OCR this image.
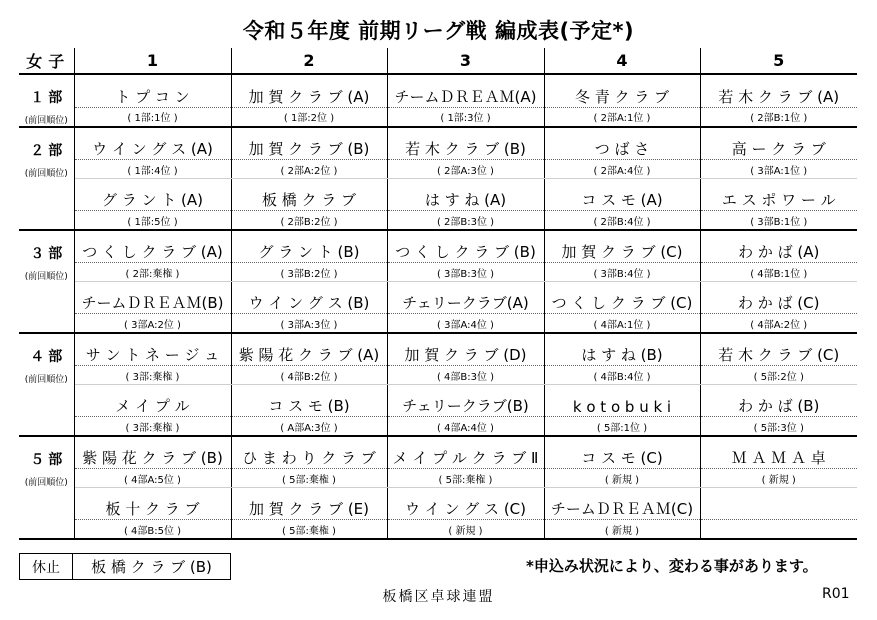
令和５年度 前期リーグ戦 編成表(予定*)
女子	1	2	3	4	5

１部
(前回順位)	ト プ コ ン	加 賀 ク ラ ブ (A)	チームＤＲＥＡＭ(A)	冬 青 ク ラ ブ	若 木 ク ラ ブ (A)
	( 1部:1位 )	( 1部:2位 )	( 1部:3位 )	( 2部A:1位 )	( 2部B:1位 )

２部
(前回順位)	ウ イ ン グ ス (A)	加 賀 ク ラ ブ (B)	若 木 ク ラ ブ (B)	つ ば さ	高 ー ク ラ ブ
	( 1部:4位 )	( 2部A:2位 )	( 2部A:3位 )	( 2部A:4位 )	( 3部A:1位 )
	グ ラ ン ト (A)	板 橋 ク ラ ブ	は す ね (A)	コ ス モ (A)	エ ス ポ ワ ー ル
	( 1部:5位 )	( 2部B:2位 )	( 2部B:3位 )	( 2部B:4位 )	( 3部B:1位 )

３部
(前回順位)	つ く し ク ラ ブ (A)	グ ラ ン ト (B)	つ く し ク ラ ブ (B)	加 賀 ク ラ ブ (C)	わ か ば (A)
	( 2部:棄権 )	( 3部B:2位 )	( 3部B:3位 )	( 3部B:4位 )	( 4部B:1位 )
	チームＤＲＥＡＭ(B)	ウ イ ン グ ス (B)	チェリークラブ(A)	つ く し ク ラ ブ (C)	わ か ば (C)
	( 3部A:2位 )	( 3部A:3位 )	( 3部A:4位 )	( 4部A:1位 )	( 4部A:2位 )

４部
(前回順位)	サ ン ト ネ ー ジ ュ	紫 陽 花 ク ラ ブ (A)	加 賀 ク ラ ブ (D)	は す ね (B)	若 木 ク ラ ブ (C)
	( 3部:棄権 )	( 4部B:2位 )	( 4部B:3位 )	( 4部B:4位 )	( 5部:2位 )
	メ イ プ ル	コ ス モ (B)	チェリークラブ(B)	k o t o b u k i	わ か ば (B)
	( 3部:棄権 )	( A部A:3位 )	( 4部A:4位 )	( 5部:1位 )	( 5部:3位 )

５部
(前回順位)	紫 陽 花 ク ラ ブ (B)	ひ ま わ り ク ラ ブ	メ イ プ ル ク ラ ブ Ⅱ	コ ス モ (C)	Ｍ Ａ Ｍ Ａ 卓
	( 4部A:5位 )	( 5部:棄権 )	( 5部:棄権 )	( 新規 )	( 新規 )
	板 十 ク ラ ブ	加 賀 ク ラ ブ (E)	ウ イ ン グ ス (C)	チームＤＲＥＡＭ(C)	
	( 4部B:5位 )	( 5部:棄権 )	( 新規 )	( 新規 )	
休止	板 橋 ク ラ ブ (B)	*申込み状況により、変わる事があります。
板橋区卓球連盟	R01
